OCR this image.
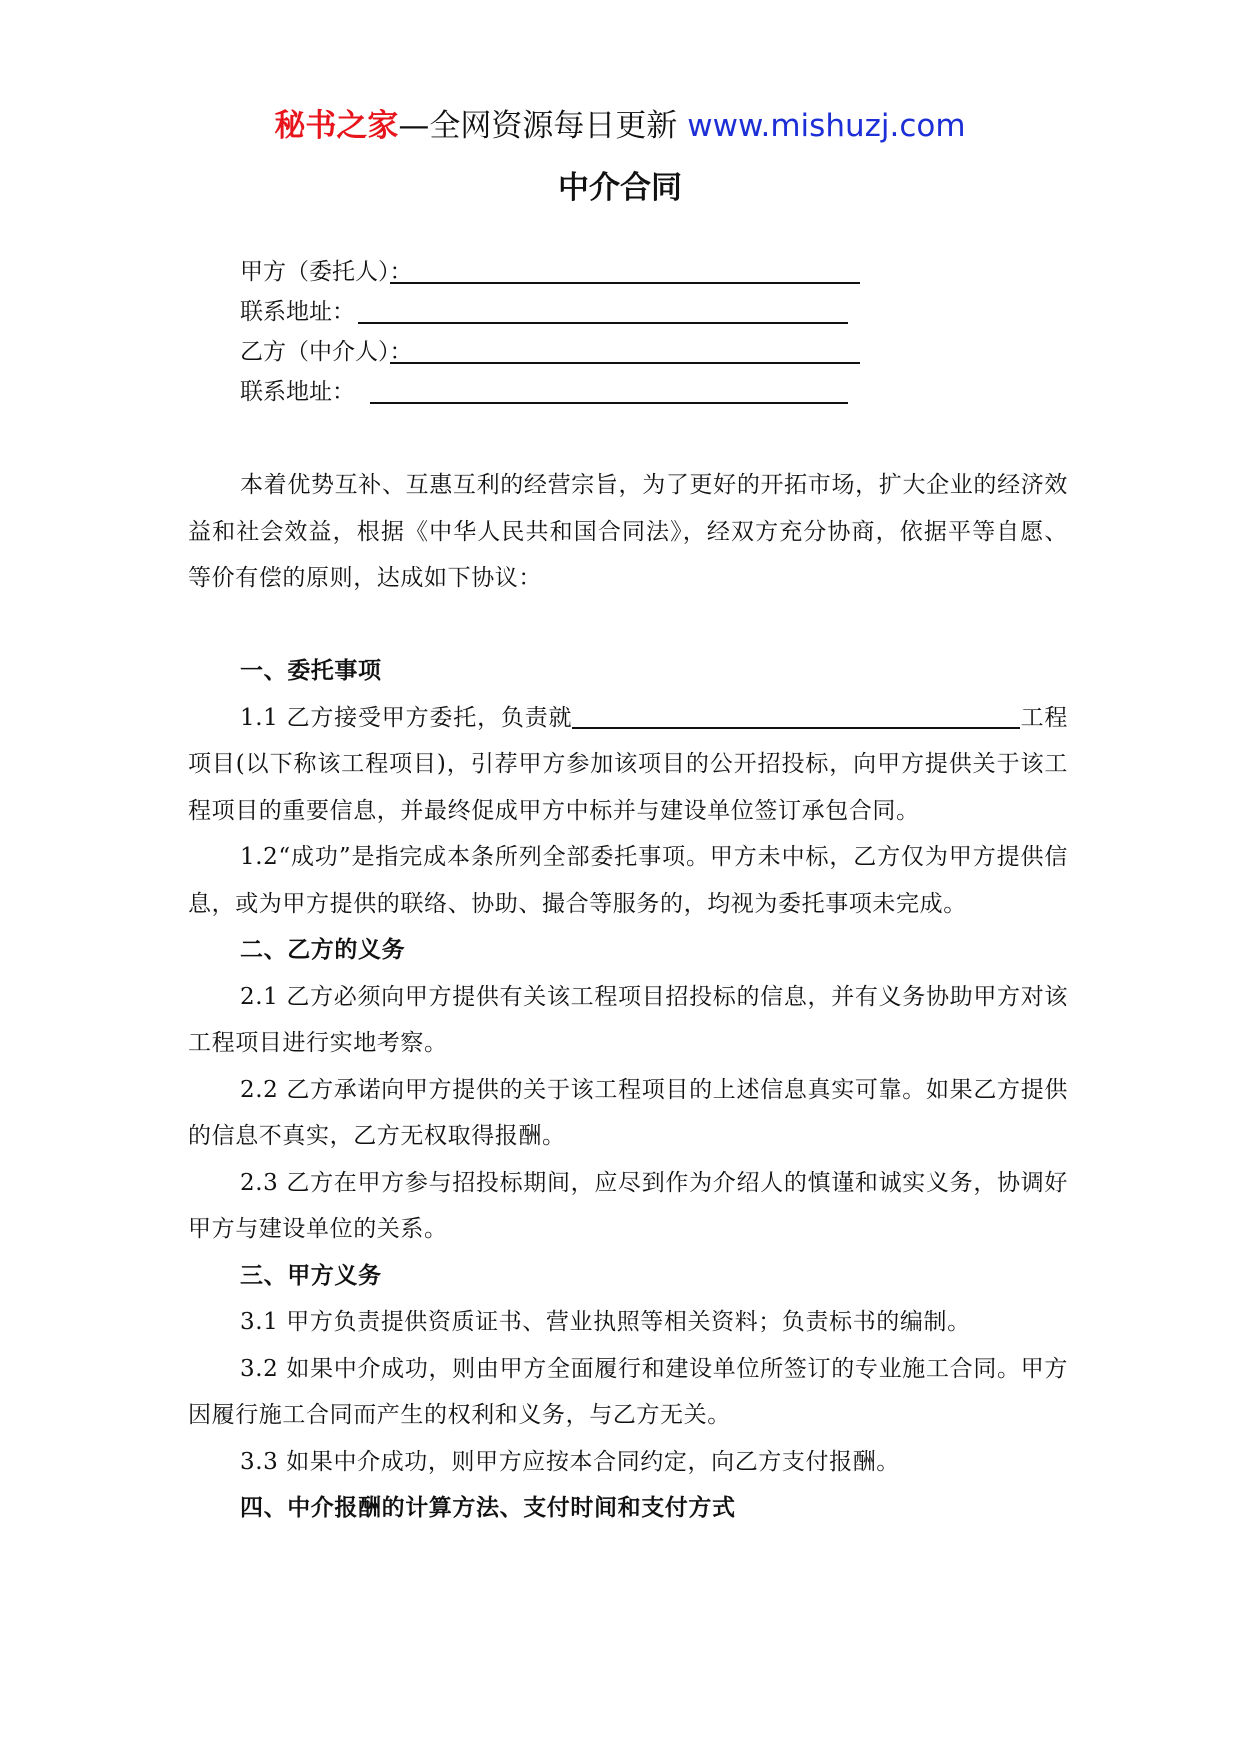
秘书之家—全网资源每日更新 www.mishuzj.com
中介合同
甲方（委托人）：
联系地址：
乙方（中介人）：
联系地址：

本着优势互补、互惠互利的经营宗旨，为了更好的开拓市场，扩大企业的经济效益和社会效益，根据《中华人民共和国合同法》，经双方充分协商，依据平等自愿、等价有偿的原则，达成如下协议：

一、委托事项

1.1 乙方接受甲方委托，负责就	工程项目(以下称该工程项目)，引荐甲方参加该项目的公开招投标，向甲方提供关于该工程项目的重要信息，并最终促成甲方中标并与建设单位签订承包合同。

1.2“成功”是指完成本条所列全部委托事项。甲方未中标，乙方仅为甲方提供信息，或为甲方提供的联络、协助、撮合等服务的，均视为委托事项未完成。

二、乙方的义务

2.1 乙方必须向甲方提供有关该工程项目招投标的信息，并有义务协助甲方对该工程项目进行实地考察。

2.2 乙方承诺向甲方提供的关于该工程项目的上述信息真实可靠。如果乙方提供的信息不真实，乙方无权取得报酬。

2.3 乙方在甲方参与招投标期间，应尽到作为介绍人的慎谨和诚实义务，协调好甲方与建设单位的关系。

三、甲方义务

3.1 甲方负责提供资质证书、营业执照等相关资料；负责标书的编制。

3.2 如果中介成功，则由甲方全面履行和建设单位所签订的专业施工合同。甲方因履行施工合同而产生的权利和义务，与乙方无关。

3.3 如果中介成功，则甲方应按本合同约定，向乙方支付报酬。

四、中介报酬的计算方法、支付时间和支付方式
